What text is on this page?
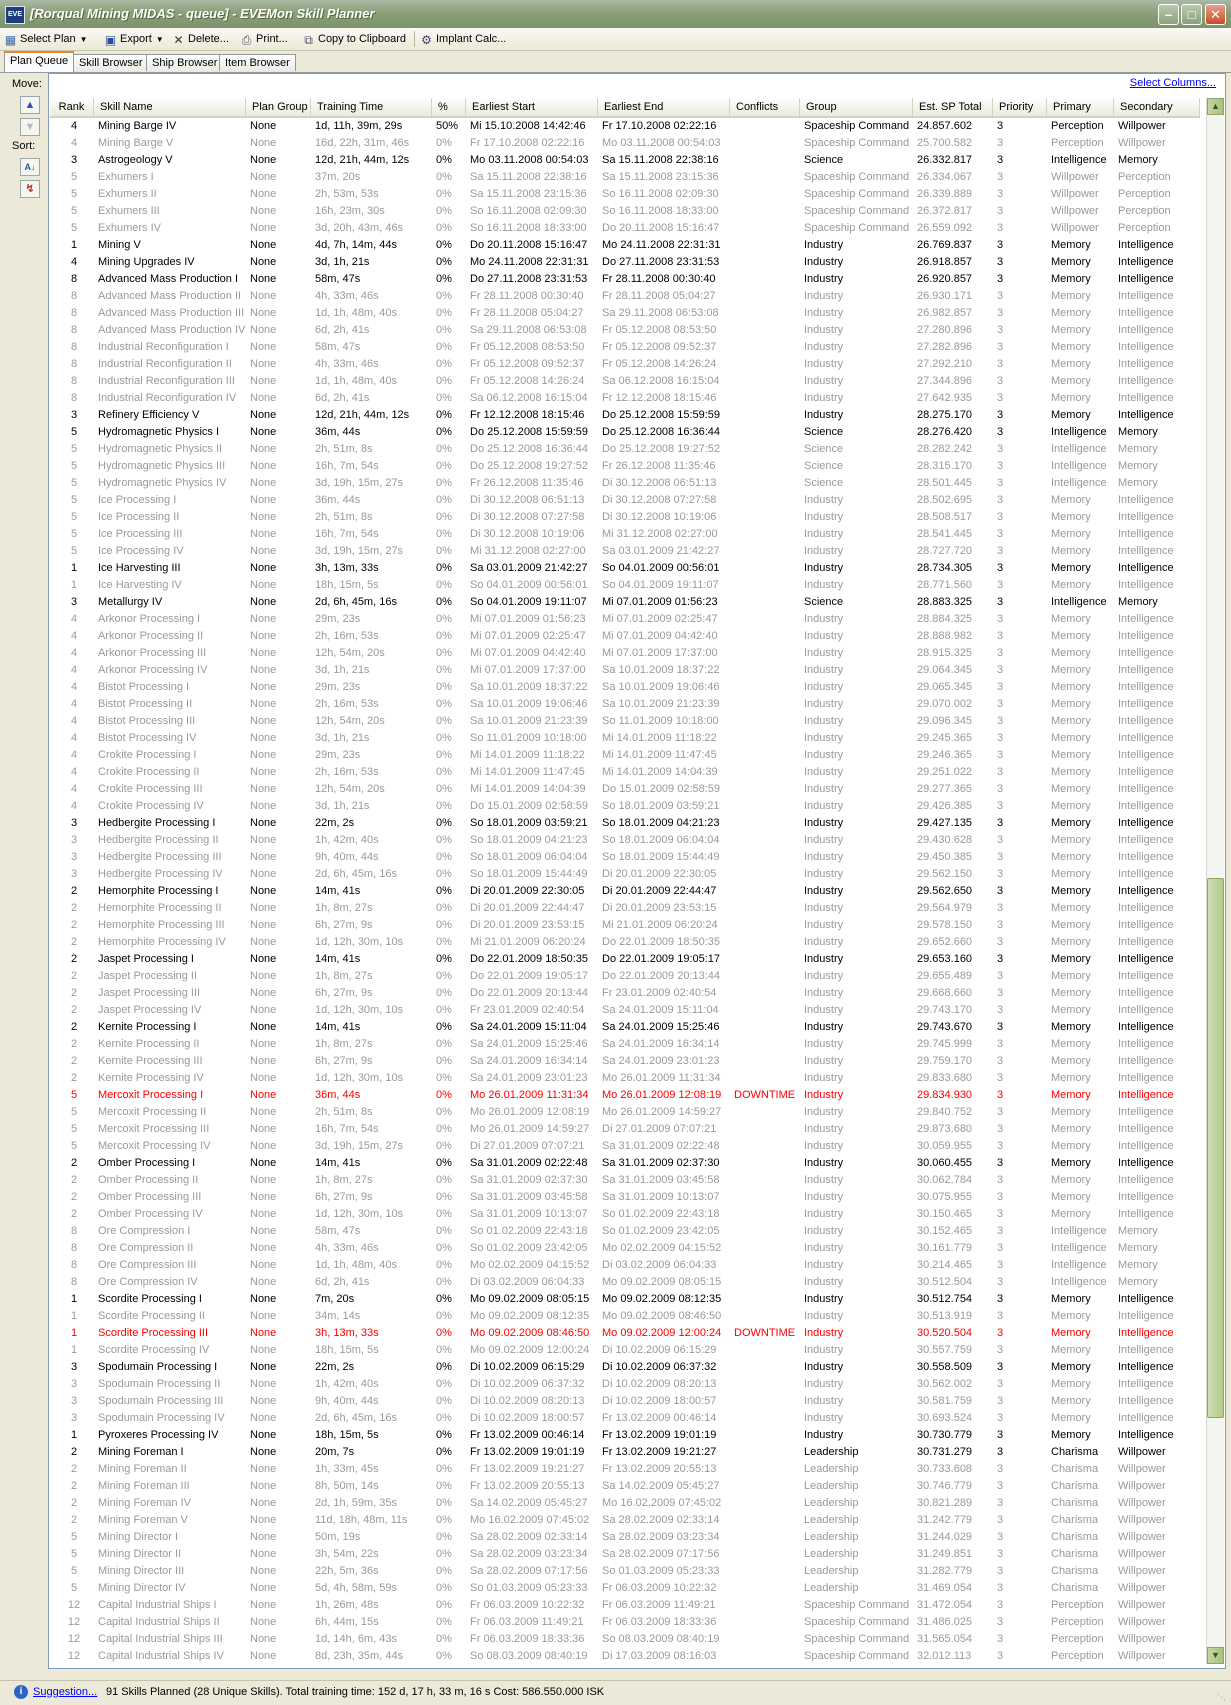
EVE [Rorqual Mining MIDAS - queue] - EVEMon Skill Planner	–	□	✕
▦ Select Plan ▼ ▣ Export ▼ ✕ Delete... ⎙ Print... ⧉ Copy to Clipboard ⚙ Implant Calc...
Plan Queue Skill Browser Ship Browser Item Browser
Move:
▲
▼
Sort:
A↓
↯
Select Columns...
Rank	Skill Name	Plan Group Training Time	%	Earliest Start	Earliest End	Conflicts	Group	Est. SP Total	Priority	Primary	Secondary
4	Mining Barge IV	None	1d, 11h, 39m, 29s	50%	Mi 15.10.2008 14:42:46	Fr 17.10.2008 02:22:16	Spaceship Command 24.857.602	3	Perception	Willpower
4	Mining Barge V	None	16d, 22h, 31m, 46s	0%	Fr 17.10.2008 02:22:16	Mo 03.11.2008 00:54:03	Spaceship Command 25.700.582	3	Perception	Willpower
3	Astrogeology V	None	12d, 21h, 44m, 12s	0%	Mo 03.11.2008 00:54:03	Sa 15.11.2008 22:38:16	Science	26.332.817	3	Intelligence	Memory
5	Exhumers I	None	37m, 20s	0%	Sa 15.11.2008 22:38:16	Sa 15.11.2008 23:15:36	Spaceship Command 26.334.067	3	Willpower	Perception
5	Exhumers II	None	2h, 53m, 53s	0%	Sa 15.11.2008 23:15:36	So 16.11.2008 02:09:30	Spaceship Command 26.339.889	3	Willpower	Perception
5	Exhumers III	None	16h, 23m, 30s	0%	So 16.11.2008 02:09:30	So 16.11.2008 18:33:00	Spaceship Command 26.372.817	3	Willpower	Perception
5	Exhumers IV	None	3d, 20h, 43m, 46s	0%	So 16.11.2008 18:33:00	Do 20.11.2008 15:16:47	Spaceship Command 26.559.092	3	Willpower	Perception
1	Mining V	None	4d, 7h, 14m, 44s	0%	Do 20.11.2008 15:16:47	Mo 24.11.2008 22:31:31	Industry	26.769.837	3	Memory	Intelligence
4	Mining Upgrades IV	None	3d, 1h, 21s	0%	Mo 24.11.2008 22:31:31	Do 27.11.2008 23:31:53	Industry	26.918.857	3	Memory	Intelligence
8	Advanced Mass Production I	None	58m, 47s	0%	Do 27.11.2008 23:31:53	Fr 28.11.2008 00:30:40	Industry	26.920.857	3	Memory	Intelligence
8	Advanced Mass Production II None	4h, 33m, 46s	0%	Fr 28.11.2008 00:30:40	Fr 28.11.2008 05:04:27	Industry	26.930.171	3	Memory	Intelligence
8	Advanced Mass Production III None	1d, 1h, 48m, 40s	0%	Fr 28.11.2008 05:04:27	Sa 29.11.2008 06:53:08	Industry	26.982.857	3	Memory	Intelligence
8	Advanced Mass Production IV None	6d, 2h, 41s	0%	Sa 29.11.2008 06:53:08	Fr 05.12.2008 08:53:50	Industry	27.280.896	3	Memory	Intelligence
8	Industrial Reconfiguration I	None	58m, 47s	0%	Fr 05.12.2008 08:53:50	Fr 05.12.2008 09:52:37	Industry	27.282.896	3	Memory	Intelligence
8	Industrial Reconfiguration II	None	4h, 33m, 46s	0%	Fr 05.12.2008 09:52:37	Fr 05.12.2008 14:26:24	Industry	27.292.210	3	Memory	Intelligence
8	Industrial Reconfiguration III	None	1d, 1h, 48m, 40s	0%	Fr 05.12.2008 14:26:24	Sa 06.12.2008 16:15:04	Industry	27.344.896	3	Memory	Intelligence
8	Industrial Reconfiguration IV	None	6d, 2h, 41s	0%	Sa 06.12.2008 16:15:04	Fr 12.12.2008 18:15:46	Industry	27.642.935	3	Memory	Intelligence
3	Refinery Efficiency V	None	12d, 21h, 44m, 12s	0%	Fr 12.12.2008 18:15:46	Do 25.12.2008 15:59:59	Industry	28.275.170	3	Memory	Intelligence
5	Hydromagnetic Physics I	None	36m, 44s	0%	Do 25.12.2008 15:59:59	Do 25.12.2008 16:36:44	Science	28.276.420	3	Intelligence	Memory
5	Hydromagnetic Physics II	None	2h, 51m, 8s	0%	Do 25.12.2008 16:36:44	Do 25.12.2008 19:27:52	Science	28.282.242	3	Intelligence	Memory
5	Hydromagnetic Physics III	None	16h, 7m, 54s	0%	Do 25.12.2008 19:27:52	Fr 26.12.2008 11:35:46	Science	28.315.170	3	Intelligence	Memory
5	Hydromagnetic Physics IV	None	3d, 19h, 15m, 27s	0%	Fr 26.12.2008 11:35:46	Di 30.12.2008 06:51:13	Science	28.501.445	3	Intelligence	Memory
5	Ice Processing I	None	36m, 44s	0%	Di 30.12.2008 06:51:13	Di 30.12.2008 07:27:58	Industry	28.502.695	3	Memory	Intelligence
5	Ice Processing II	None	2h, 51m, 8s	0%	Di 30.12.2008 07:27:58	Di 30.12.2008 10:19:06	Industry	28.508.517	3	Memory	Intelligence
5	Ice Processing III	None	16h, 7m, 54s	0%	Di 30.12.2008 10:19:06	Mi 31.12.2008 02:27:00	Industry	28.541.445	3	Memory	Intelligence
5	Ice Processing IV	None	3d, 19h, 15m, 27s	0%	Mi 31.12.2008 02:27:00	Sa 03.01.2009 21:42:27	Industry	28.727.720	3	Memory	Intelligence
1	Ice Harvesting III	None	3h, 13m, 33s	0%	Sa 03.01.2009 21:42:27	So 04.01.2009 00:56:01	Industry	28.734.305	3	Memory	Intelligence
1	Ice Harvesting IV	None	18h, 15m, 5s	0%	So 04.01.2009 00:56:01	So 04.01.2009 19:11:07	Industry	28.771.560	3	Memory	Intelligence
3	Metallurgy IV	None	2d, 6h, 45m, 16s	0%	So 04.01.2009 19:11:07	Mi 07.01.2009 01:56:23	Science	28.883.325	3	Intelligence	Memory
4	Arkonor Processing I	None	29m, 23s	0%	Mi 07.01.2009 01:56:23	Mi 07.01.2009 02:25:47	Industry	28.884.325	3	Memory	Intelligence
4	Arkonor Processing II	None	2h, 16m, 53s	0%	Mi 07.01.2009 02:25:47	Mi 07.01.2009 04:42:40	Industry	28.888.982	3	Memory	Intelligence
4	Arkonor Processing III	None	12h, 54m, 20s	0%	Mi 07.01.2009 04:42:40	Mi 07.01.2009 17:37:00	Industry	28.915.325	3	Memory	Intelligence
4	Arkonor Processing IV	None	3d, 1h, 21s	0%	Mi 07.01.2009 17:37:00	Sa 10.01.2009 18:37:22	Industry	29.064.345	3	Memory	Intelligence
4	Bistot Processing I	None	29m, 23s	0%	Sa 10.01.2009 18:37:22	Sa 10.01.2009 19:06:46	Industry	29.065.345	3	Memory	Intelligence
4	Bistot Processing II	None	2h, 16m, 53s	0%	Sa 10.01.2009 19:06:46	Sa 10.01.2009 21:23:39	Industry	29.070.002	3	Memory	Intelligence
4	Bistot Processing III	None	12h, 54m, 20s	0%	Sa 10.01.2009 21:23:39	So 11.01.2009 10:18:00	Industry	29.096.345	3	Memory	Intelligence
4	Bistot Processing IV	None	3d, 1h, 21s	0%	So 11.01.2009 10:18:00	Mi 14.01.2009 11:18:22	Industry	29.245.365	3	Memory	Intelligence
4	Crokite Processing I	None	29m, 23s	0%	Mi 14.01.2009 11:18:22	Mi 14.01.2009 11:47:45	Industry	29.246.365	3	Memory	Intelligence
4	Crokite Processing II	None	2h, 16m, 53s	0%	Mi 14.01.2009 11:47:45	Mi 14.01.2009 14:04:39	Industry	29.251.022	3	Memory	Intelligence
4	Crokite Processing III	None	12h, 54m, 20s	0%	Mi 14.01.2009 14:04:39	Do 15.01.2009 02:58:59	Industry	29.277.365	3	Memory	Intelligence
4	Crokite Processing IV	None	3d, 1h, 21s	0%	Do 15.01.2009 02:58:59	So 18.01.2009 03:59:21	Industry	29.426.385	3	Memory	Intelligence
3	Hedbergite Processing I	None	22m, 2s	0%	So 18.01.2009 03:59:21	So 18.01.2009 04:21:23	Industry	29.427.135	3	Memory	Intelligence
3	Hedbergite Processing II	None	1h, 42m, 40s	0%	So 18.01.2009 04:21:23	So 18.01.2009 06:04:04	Industry	29.430.628	3	Memory	Intelligence
3	Hedbergite Processing III	None	9h, 40m, 44s	0%	So 18.01.2009 06:04:04	So 18.01.2009 15:44:49	Industry	29.450.385	3	Memory	Intelligence
3	Hedbergite Processing IV	None	2d, 6h, 45m, 16s	0%	So 18.01.2009 15:44:49	Di 20.01.2009 22:30:05	Industry	29.562.150	3	Memory	Intelligence
2	Hemorphite Processing I	None	14m, 41s	0%	Di 20.01.2009 22:30:05	Di 20.01.2009 22:44:47	Industry	29.562.650	3	Memory	Intelligence
2	Hemorphite Processing II	None	1h, 8m, 27s	0%	Di 20.01.2009 22:44:47	Di 20.01.2009 23:53:15	Industry	29.564.979	3	Memory	Intelligence
2	Hemorphite Processing III	None	6h, 27m, 9s	0%	Di 20.01.2009 23:53:15	Mi 21.01.2009 06:20:24	Industry	29.578.150	3	Memory	Intelligence
2	Hemorphite Processing IV	None	1d, 12h, 30m, 10s	0%	Mi 21.01.2009 06:20:24	Do 22.01.2009 18:50:35	Industry	29.652.660	3	Memory	Intelligence
2	Jaspet Processing I	None	14m, 41s	0%	Do 22.01.2009 18:50:35	Do 22.01.2009 19:05:17	Industry	29.653.160	3	Memory	Intelligence
2	Jaspet Processing II	None	1h, 8m, 27s	0%	Do 22.01.2009 19:05:17	Do 22.01.2009 20:13:44	Industry	29.655.489	3	Memory	Intelligence
2	Jaspet Processing III	None	6h, 27m, 9s	0%	Do 22.01.2009 20:13:44	Fr 23.01.2009 02:40:54	Industry	29.668.660	3	Memory	Intelligence
2	Jaspet Processing IV	None	1d, 12h, 30m, 10s	0%	Fr 23.01.2009 02:40:54	Sa 24.01.2009 15:11:04	Industry	29.743.170	3	Memory	Intelligence
2	Kernite Processing I	None	14m, 41s	0%	Sa 24.01.2009 15:11:04	Sa 24.01.2009 15:25:46	Industry	29.743.670	3	Memory	Intelligence
2	Kernite Processing II	None	1h, 8m, 27s	0%	Sa 24.01.2009 15:25:46	Sa 24.01.2009 16:34:14	Industry	29.745.999	3	Memory	Intelligence
2	Kernite Processing III	None	6h, 27m, 9s	0%	Sa 24.01.2009 16:34:14	Sa 24.01.2009 23:01:23	Industry	29.759.170	3	Memory	Intelligence
2	Kernite Processing IV	None	1d, 12h, 30m, 10s	0%	Sa 24.01.2009 23:01:23	Mo 26.01.2009 11:31:34	Industry	29.833.680	3	Memory	Intelligence
5	Mercoxit Processing I	None	36m, 44s	0%	Mo 26.01.2009 11:31:34	Mo 26.01.2009 12:08:19	DOWNTIME Industry	29.834.930	3	Memory	Intelligence
5	Mercoxit Processing II	None	2h, 51m, 8s	0%	Mo 26.01.2009 12:08:19	Mo 26.01.2009 14:59:27	Industry	29.840.752	3	Memory	Intelligence
5	Mercoxit Processing III	None	16h, 7m, 54s	0%	Mo 26.01.2009 14:59:27	Di 27.01.2009 07:07:21	Industry	29.873.680	3	Memory	Intelligence
5	Mercoxit Processing IV	None	3d, 19h, 15m, 27s	0%	Di 27.01.2009 07:07:21	Sa 31.01.2009 02:22:48	Industry	30.059.955	3	Memory	Intelligence
2	Omber Processing I	None	14m, 41s	0%	Sa 31.01.2009 02:22:48	Sa 31.01.2009 02:37:30	Industry	30.060.455	3	Memory	Intelligence
2	Omber Processing II	None	1h, 8m, 27s	0%	Sa 31.01.2009 02:37:30	Sa 31.01.2009 03:45:58	Industry	30.062.784	3	Memory	Intelligence
2	Omber Processing III	None	6h, 27m, 9s	0%	Sa 31.01.2009 03:45:58	Sa 31.01.2009 10:13:07	Industry	30.075.955	3	Memory	Intelligence
2	Omber Processing IV	None	1d, 12h, 30m, 10s	0%	Sa 31.01.2009 10:13:07	So 01.02.2009 22:43:18	Industry	30.150.465	3	Memory	Intelligence
8	Ore Compression I	None	58m, 47s	0%	So 01.02.2009 22:43:18	So 01.02.2009 23:42:05	Industry	30.152.465	3	Intelligence	Memory
8	Ore Compression II	None	4h, 33m, 46s	0%	So 01.02.2009 23:42:05	Mo 02.02.2009 04:15:52	Industry	30.161.779	3	Intelligence	Memory
8	Ore Compression III	None	1d, 1h, 48m, 40s	0%	Mo 02.02.2009 04:15:52	Di 03.02.2009 06:04:33	Industry	30.214.465	3	Intelligence	Memory
8	Ore Compression IV	None	6d, 2h, 41s	0%	Di 03.02.2009 06:04:33	Mo 09.02.2009 08:05:15	Industry	30.512.504	3	Intelligence	Memory
1	Scordite Processing I	None	7m, 20s	0%	Mo 09.02.2009 08:05:15	Mo 09.02.2009 08:12:35	Industry	30.512.754	3	Memory	Intelligence
1	Scordite Processing II	None	34m, 14s	0%	Mo 09.02.2009 08:12:35	Mo 09.02.2009 08:46:50	Industry	30.513.919	3	Memory	Intelligence
1	Scordite Processing III	None	3h, 13m, 33s	0%	Mo 09.02.2009 08:46:50	Mo 09.02.2009 12:00:24	DOWNTIME Industry	30.520.504	3	Memory	Intelligence
1	Scordite Processing IV	None	18h, 15m, 5s	0%	Mo 09.02.2009 12:00:24	Di 10.02.2009 06:15:29	Industry	30.557.759	3	Memory	Intelligence
3	Spodumain Processing I	None	22m, 2s	0%	Di 10.02.2009 06:15:29	Di 10.02.2009 06:37:32	Industry	30.558.509	3	Memory	Intelligence
3	Spodumain Processing II	None	1h, 42m, 40s	0%	Di 10.02.2009 06:37:32	Di 10.02.2009 08:20:13	Industry	30.562.002	3	Memory	Intelligence
3	Spodumain Processing III	None	9h, 40m, 44s	0%	Di 10.02.2009 08:20:13	Di 10.02.2009 18:00:57	Industry	30.581.759	3	Memory	Intelligence
3	Spodumain Processing IV	None	2d, 6h, 45m, 16s	0%	Di 10.02.2009 18:00:57	Fr 13.02.2009 00:46:14	Industry	30.693.524	3	Memory	Intelligence
1	Pyroxeres Processing IV	None	18h, 15m, 5s	0%	Fr 13.02.2009 00:46:14	Fr 13.02.2009 19:01:19	Industry	30.730.779	3	Memory	Intelligence
2	Mining Foreman I	None	20m, 7s	0%	Fr 13.02.2009 19:01:19	Fr 13.02.2009 19:21:27	Leadership	30.731.279	3	Charisma	Willpower
2	Mining Foreman II	None	1h, 33m, 45s	0%	Fr 13.02.2009 19:21:27	Fr 13.02.2009 20:55:13	Leadership	30.733.608	3	Charisma	Willpower
2	Mining Foreman III	None	8h, 50m, 14s	0%	Fr 13.02.2009 20:55:13	Sa 14.02.2009 05:45:27	Leadership	30.746.779	3	Charisma	Willpower
2	Mining Foreman IV	None	2d, 1h, 59m, 35s	0%	Sa 14.02.2009 05:45:27	Mo 16.02.2009 07:45:02	Leadership	30.821.289	3	Charisma	Willpower
2	Mining Foreman V	None	11d, 18h, 48m, 11s	0%	Mo 16.02.2009 07:45:02	Sa 28.02.2009 02:33:14	Leadership	31.242.779	3	Charisma	Willpower
5	Mining Director I	None	50m, 19s	0%	Sa 28.02.2009 02:33:14	Sa 28.02.2009 03:23:34	Leadership	31.244.029	3	Charisma	Willpower
5	Mining Director II	None	3h, 54m, 22s	0%	Sa 28.02.2009 03:23:34	Sa 28.02.2009 07:17:56	Leadership	31.249.851	3	Charisma	Willpower
5	Mining Director III	None	22h, 5m, 36s	0%	Sa 28.02.2009 07:17:56	So 01.03.2009 05:23:33	Leadership	31.282.779	3	Charisma	Willpower
5	Mining Director IV	None	5d, 4h, 58m, 59s	0%	So 01.03.2009 05:23:33	Fr 06.03.2009 10:22:32	Leadership	31.469.054	3	Charisma	Willpower
12	Capital Industrial Ships I	None	1h, 26m, 48s	0%	Fr 06.03.2009 10:22:32	Fr 06.03.2009 11:49:21	Spaceship Command 31.472.054	3	Perception	Willpower
12	Capital Industrial Ships II	None	6h, 44m, 15s	0%	Fr 06.03.2009 11:49:21	Fr 06.03.2009 18:33:36	Spaceship Command 31.486.025	3	Perception	Willpower
12	Capital Industrial Ships III	None	1d, 14h, 6m, 43s	0%	Fr 06.03.2009 18:33:36	So 08.03.2009 08:40:19	Spaceship Command 31.565.054	3	Perception	Willpower
12	Capital Industrial Ships IV	None	8d, 23h, 35m, 44s	0%	So 08.03.2009 08:40:19	Di 17.03.2009 08:16:03	Spaceship Command 32.012.113	3	Perception	Willpower
▲
▼
i Suggestion... 91 Skills Planned (28 Unique Skills). Total training time: 152 d, 17 h, 33 m, 16 s Cost: 586.550.000 ISK	⋱
